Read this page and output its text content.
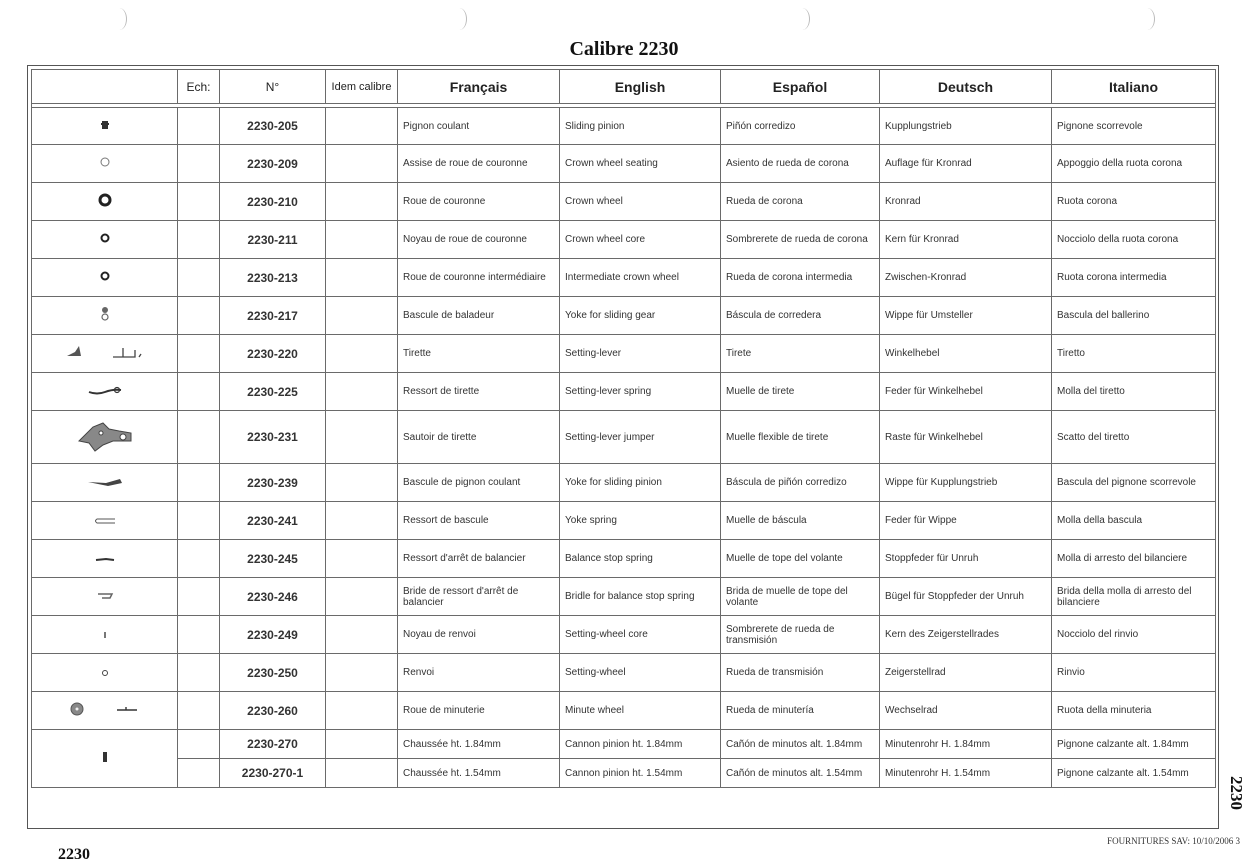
Calibre 2230
	Ech:	N°	Idem calibre	Français	English	Español	Deutsch	Italiano

		2230-205		Pignon coulant	Sliding pinion	Piñón corredizo	Kupplungstrieb	Pignone scorrevole
		2230-209		Assise de roue de couronne	Crown wheel seating	Asiento de rueda de corona	Auflage für Kronrad	Appoggio della ruota corona
		2230-210		Roue de couronne	Crown wheel	Rueda de corona	Kronrad	Ruota corona
		2230-211		Noyau de roue de couronne	Crown wheel core	Sombrerete de rueda de corona	Kern für Kronrad	Nocciolo della ruota corona
		2230-213		Roue de couronne intermédiaire	Intermediate crown wheel	Rueda de corona intermedia	Zwischen-Kronrad	Ruota corona intermedia
		2230-217		Bascule de baladeur	Yoke for sliding gear	Báscula de corredera	Wippe für Umsteller	Bascula del ballerino
		2230-220		Tirette	Setting-lever	Tirete	Winkelhebel	Tiretto
		2230-225		Ressort de tirette	Setting-lever spring	Muelle de tirete	Feder für Winkelhebel	Molla del tiretto
		2230-231		Sautoir de tirette	Setting-lever jumper	Muelle flexible de tirete	Raste für Winkelhebel	Scatto del tiretto
		2230-239		Bascule de pignon coulant	Yoke for sliding pinion	Báscula de piñón corredizo	Wippe für Kupplungstrieb	Bascula del pignone scorrevole
		2230-241		Ressort de bascule	Yoke spring	Muelle de báscula	Feder für Wippe	Molla della bascula
		2230-245		Ressort d'arrêt de balancier	Balance stop spring	Muelle de tope del volante	Stoppfeder für Unruh	Molla di arresto del bilanciere
		2230-246		Bride de ressort d'arrêt de balancier	Bridle for balance stop spring	Brida de muelle de tope del volante	Bügel für Stoppfeder der Unruh	Brida della molla di arresto del bilanciere
		2230-249		Noyau de renvoi	Setting-wheel core	Sombrerete de rueda de transmisión	Kern des Zeigerstellrades	Nocciolo del rinvio
		2230-250		Renvoi	Setting-wheel	Rueda de transmisión	Zeigerstellrad	Rinvio
		2230-260		Roue de minuterie	Minute wheel	Rueda de minutería	Wechselrad	Ruota della minuteria
		2230-270		Chaussée ht. 1.84mm	Cannon pinion ht. 1.84mm	Cañón de minutos alt. 1.84mm	Minutenrohr H. 1.84mm	Pignone calzante alt. 1.84mm
		2230-270-1		Chaussée ht. 1.54mm	Cannon pinion ht. 1.54mm	Cañón de minutos alt. 1.54mm	Minutenrohr H. 1.54mm	Pignone calzante alt. 1.54mm
2230
FOURNITURES SAV: 10/10/2006 3
2230
